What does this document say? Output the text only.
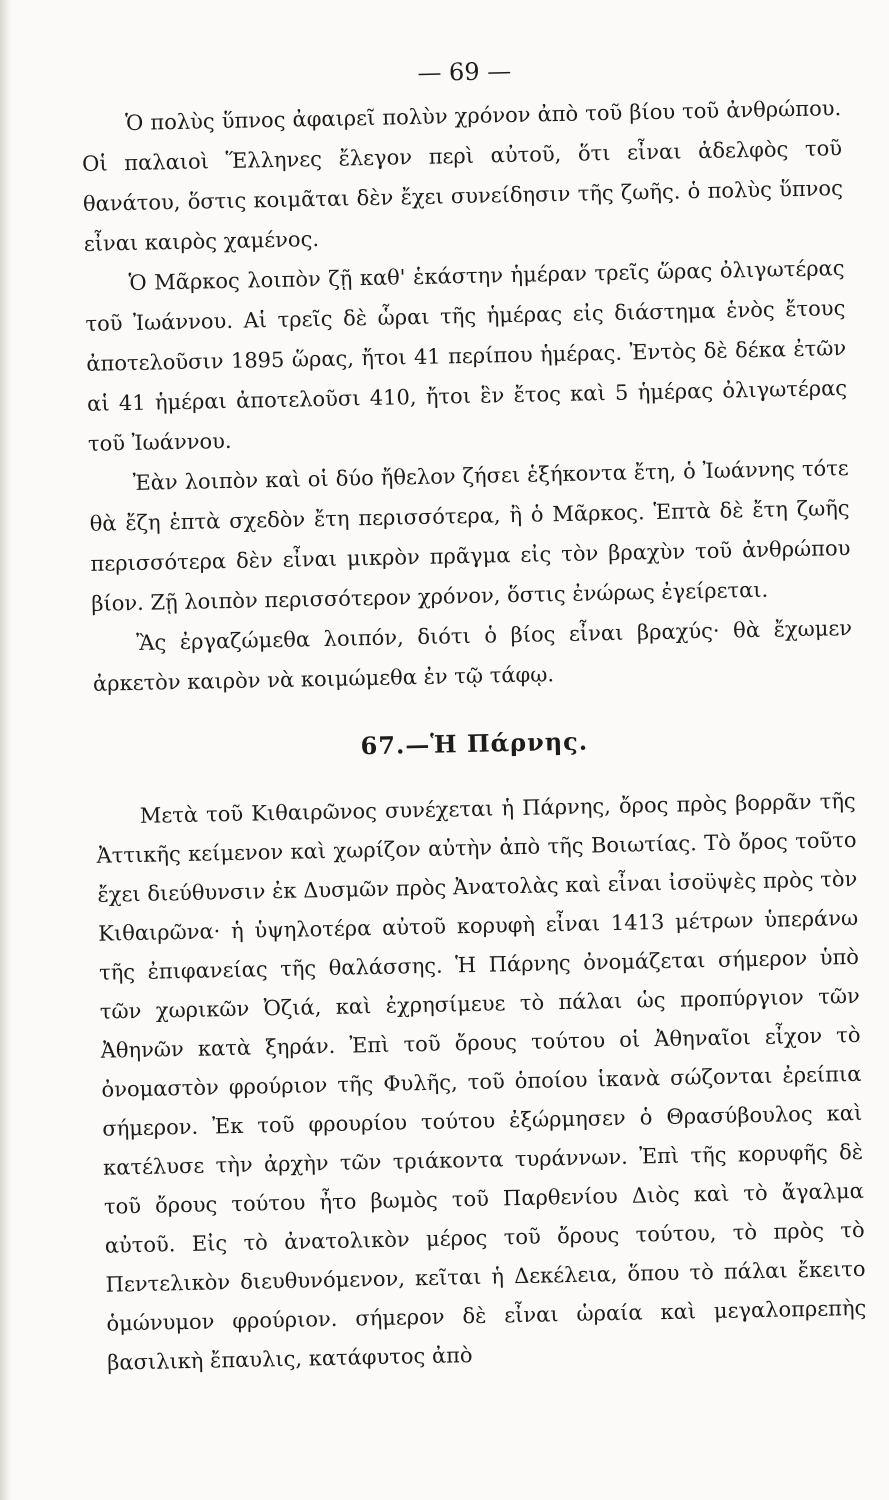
— 69 —

Ὁ πολὺς ὕπνος ἀφαιρεῖ πολὺν χρόνον ἀπὸ τοῦ βίου τοῦ ἀνθρώπου. Οἱ παλαιοὶ Ἕλληνες ἔλεγον περὶ αὐτοῦ, ὅτι εἶναι ἀδελφὸς τοῦ θανάτου, ὅστις κοιμᾶται δὲν ἔχει συνείδησιν τῆς ζωῆς. ὁ πολὺς ὕπνος εἶναι καιρὸς χαμένος.

Ὁ Μᾶρκος λοιπὸν ζῇ καθ' ἑκάστην ἡμέραν τρεῖς ὥρας ὀλιγωτέρας τοῦ Ἰωάννου. Αἱ τρεῖς δὲ ὧραι τῆς ἡμέρας εἰς διάστημα ἑνὸς ἔτους ἀποτελοῦσιν 1895 ὥρας, ἤτοι 41 περίπου ἡμέρας. Ἐντὸς δὲ δέκα ἐτῶν αἱ 41 ἡμέραι ἀποτελοῦσι 410, ἤτοι ἓν ἔτος καὶ 5 ἡμέρας ὀλιγωτέρας τοῦ Ἰωάννου.

Ἐὰν λοιπὸν καὶ οἱ δύο ἤθελον ζήσει ἑξήκοντα ἔτη, ὁ Ἰωάννης τότε θὰ ἔζη ἑπτὰ σχεδὸν ἔτη περισσότερα, ἢ ὁ Μᾶρκος. Ἑπτὰ δὲ ἔτη ζωῆς περισσότερα δὲν εἶναι μικρὸν πρᾶγμα εἰς τὸν βραχὺν τοῦ ἀνθρώπου βίον. Ζῇ λοιπὸν περισσότερον χρόνον, ὅστις ἐνώρως ἐγείρεται.

Ἂς ἐργαζώμεθα λοιπόν, διότι ὁ βίος εἶναι βραχύς· θὰ ἔχωμεν ἀρκετὸν καιρὸν νὰ κοιμώμεθα ἐν τῷ τάφῳ.

67.—Ἡ Πάρνης.

Μετὰ τοῦ Κιθαιρῶνος συνέχεται ἡ Πάρνης, ὄρος πρὸς βορρᾶν τῆς Ἀττικῆς κείμενον καὶ χωρίζον αὐτὴν ἀπὸ τῆς Βοιωτίας. Τὸ ὄρος τοῦτο ἔχει διεύθυνσιν ἐκ Δυσμῶν πρὸς Ἀνατολὰς καὶ εἶναι ἰσοϋψὲς πρὸς τὸν Κιθαιρῶνα· ἡ ὑψηλοτέρα αὐτοῦ κορυφὴ εἶναι 1413 μέτρων ὑπεράνω τῆς ἐπιφανείας τῆς θαλάσσης. Ἡ Πάρνης ὀνομάζεται σήμερον ὑπὸ τῶν χωρικῶν Ὀζιά, καὶ ἐχρησίμευε τὸ πάλαι ὡς προπύργιον τῶν Ἀθηνῶν κατὰ ξηράν. Ἐπὶ τοῦ ὄρους τούτου οἱ Ἀθηναῖοι εἶχον τὸ ὀνομαστὸν φρούριον τῆς Φυλῆς, τοῦ ὁποίου ἱκανὰ σώζονται ἐρείπια σήμερον. Ἐκ τοῦ φρουρίου τούτου ἐξώρμησεν ὁ Θρασύβουλος καὶ κατέλυσε τὴν ἀρχὴν τῶν τριάκοντα τυράννων. Ἐπὶ τῆς κορυφῆς δὲ τοῦ ὄρους τούτου ἦτο βωμὸς τοῦ Παρθενίου Διὸς καὶ τὸ ἄγαλμα αὐτοῦ. Εἰς τὸ ἀνατολικὸν μέρος τοῦ ὄρους τούτου, τὸ πρὸς τὸ Πεντελικὸν διευθυνόμενον, κεῖται ἡ Δεκέλεια, ὅπου τὸ πάλαι ἔκειτο ὁμώνυμον φρούριον. σήμερον δὲ εἶναι ὡραία καὶ μεγαλοπρεπὴς βασιλικὴ ἔπαυλις, κατάφυτος ἀπὸ
